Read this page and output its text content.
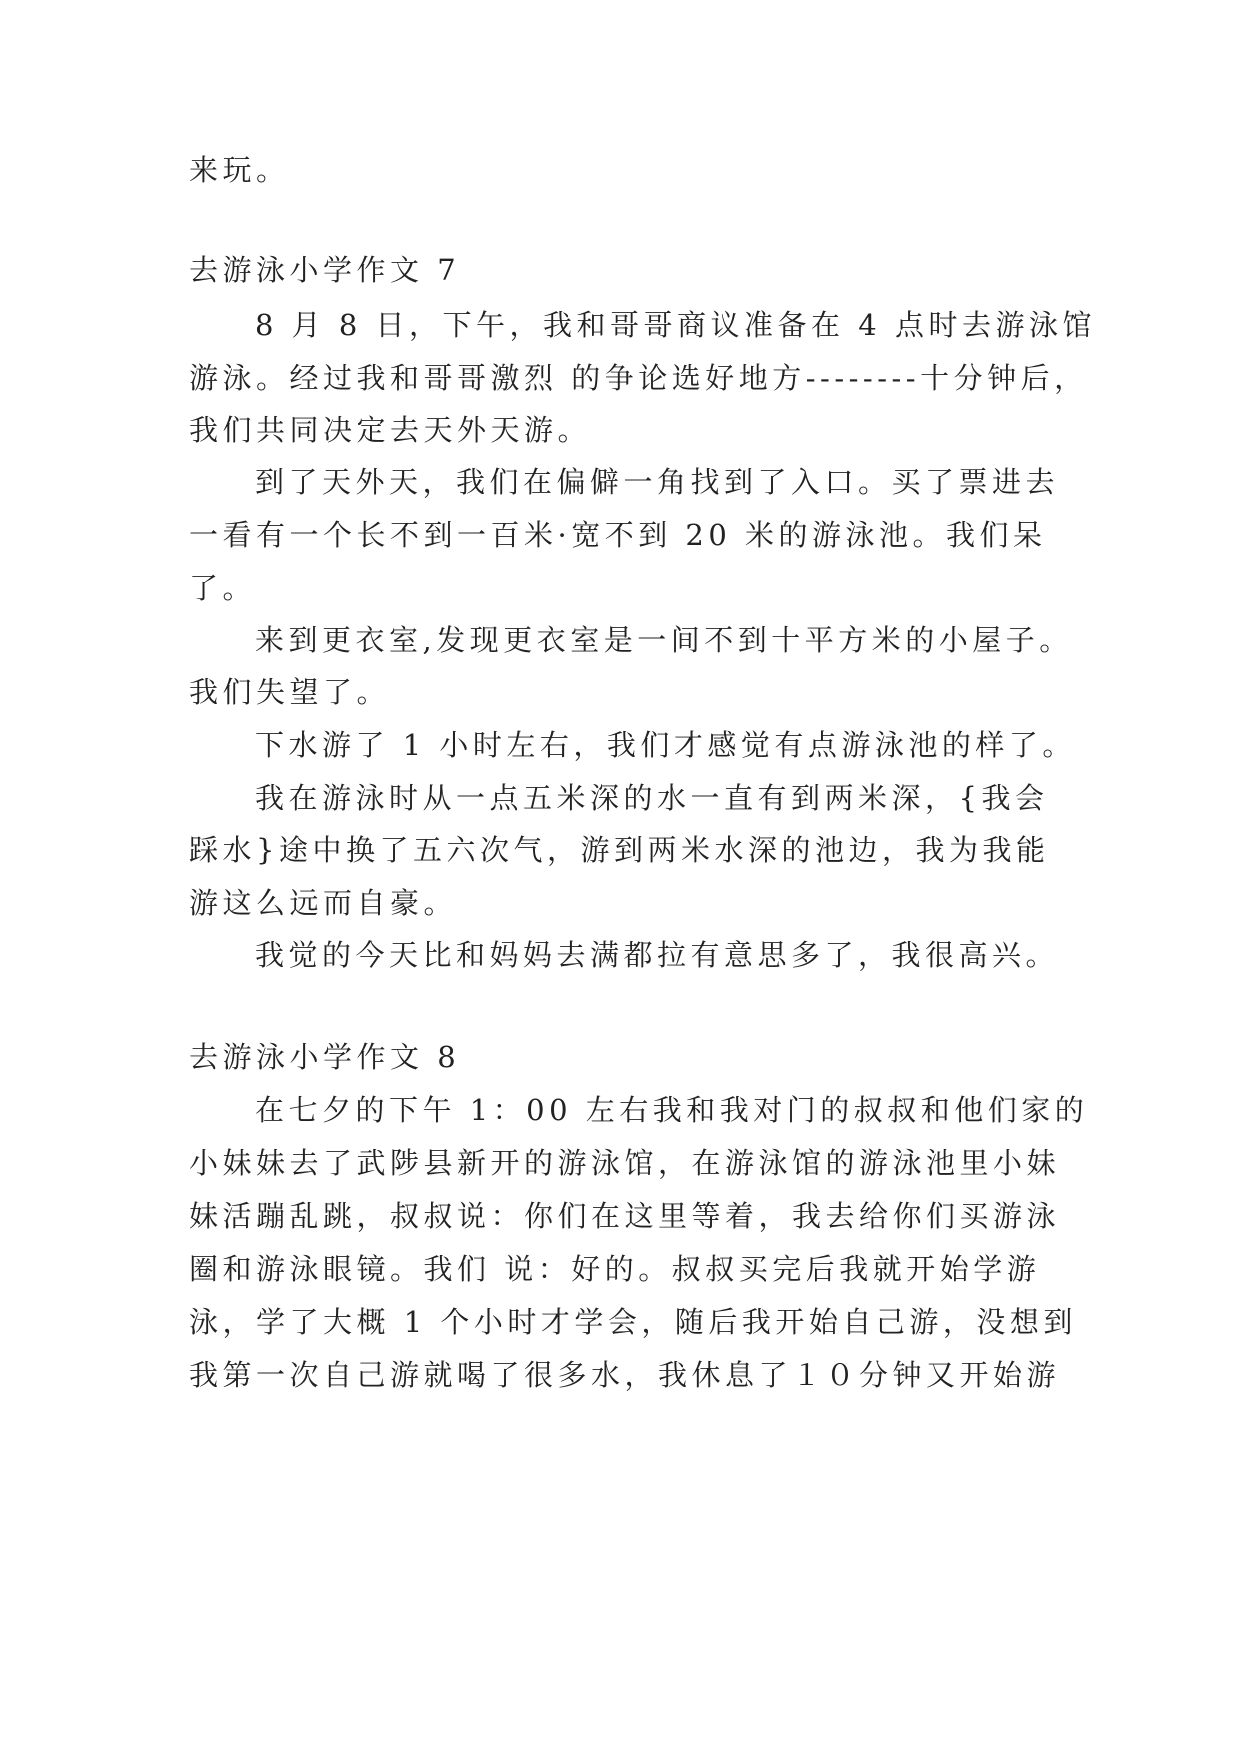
来玩。
去游泳小学作文 7
8 月 8 日，下午，我和哥哥商议准备在 4 点时去游泳馆
游泳。经过我和哥哥激烈 的争论选好地方--------十分钟后，
我们共同决定去天外天游。
到了天外天，我们在偏僻一角找到了入口。买了票进去
一看有一个长不到一百米·宽不到 20 米的游泳池。我们呆
了。
来到更衣室,发现更衣室是一间不到十平方米的小屋子。
我们失望了。
下水游了 1 小时左右，我们才感觉有点游泳池的样了。
我在游泳时从一点五米深的水一直有到两米深，{我会
踩水}途中换了五六次气，游到两米水深的池边，我为我能
游这么远而自豪。
我觉的今天比和妈妈去满都拉有意思多了，我很高兴。
去游泳小学作文 8
在七夕的下午 1：00 左右我和我对门的叔叔和他们家的
小妹妹去了武陟县新开的游泳馆，在游泳馆的游泳池里小妹
妹活蹦乱跳，叔叔说：你们在这里等着，我去给你们买游泳
圈和游泳眼镜。我们 说：好的。叔叔买完后我就开始学游
泳，学了大概 1 个小时才学会，随后我开始自己游，没想到
我第一次自己游就喝了很多水，我休息了１０分钟又开始游
